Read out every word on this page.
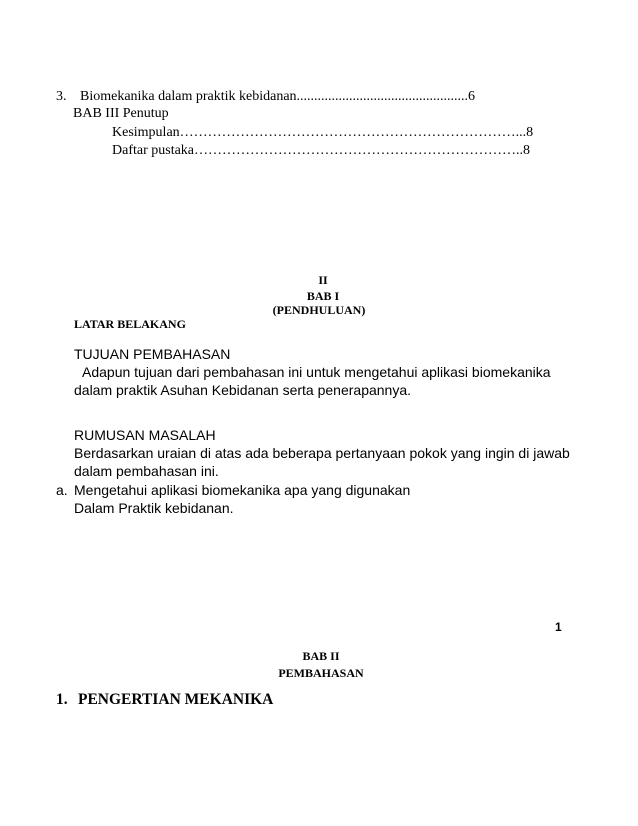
3. Biomekanika dalam praktik kebidanan.................................................6
BAB III Penutup
Kesimpulan………………………………………………………………...8
Daftar pustaka……………………………………………………………..8
II
BAB I
(PENDHULUAN)
LATAR BELAKANG
TUJUAN PEMBAHASAN
Adapun tujuan dari pembahasan ini untuk mengetahui aplikasi biomekanika
dalam praktik Asuhan Kebidanan serta penerapannya.
RUMUSAN MASALAH
Berdasarkan uraian di atas ada beberapa pertanyaan pokok yang ingin di jawab
dalam pembahasan ini.
a. Mengetahui aplikasi biomekanika apa yang digunakan
Dalam Praktik kebidanan.
1
BAB II
PEMBAHASAN
1. PENGERTIAN MEKANIKA
